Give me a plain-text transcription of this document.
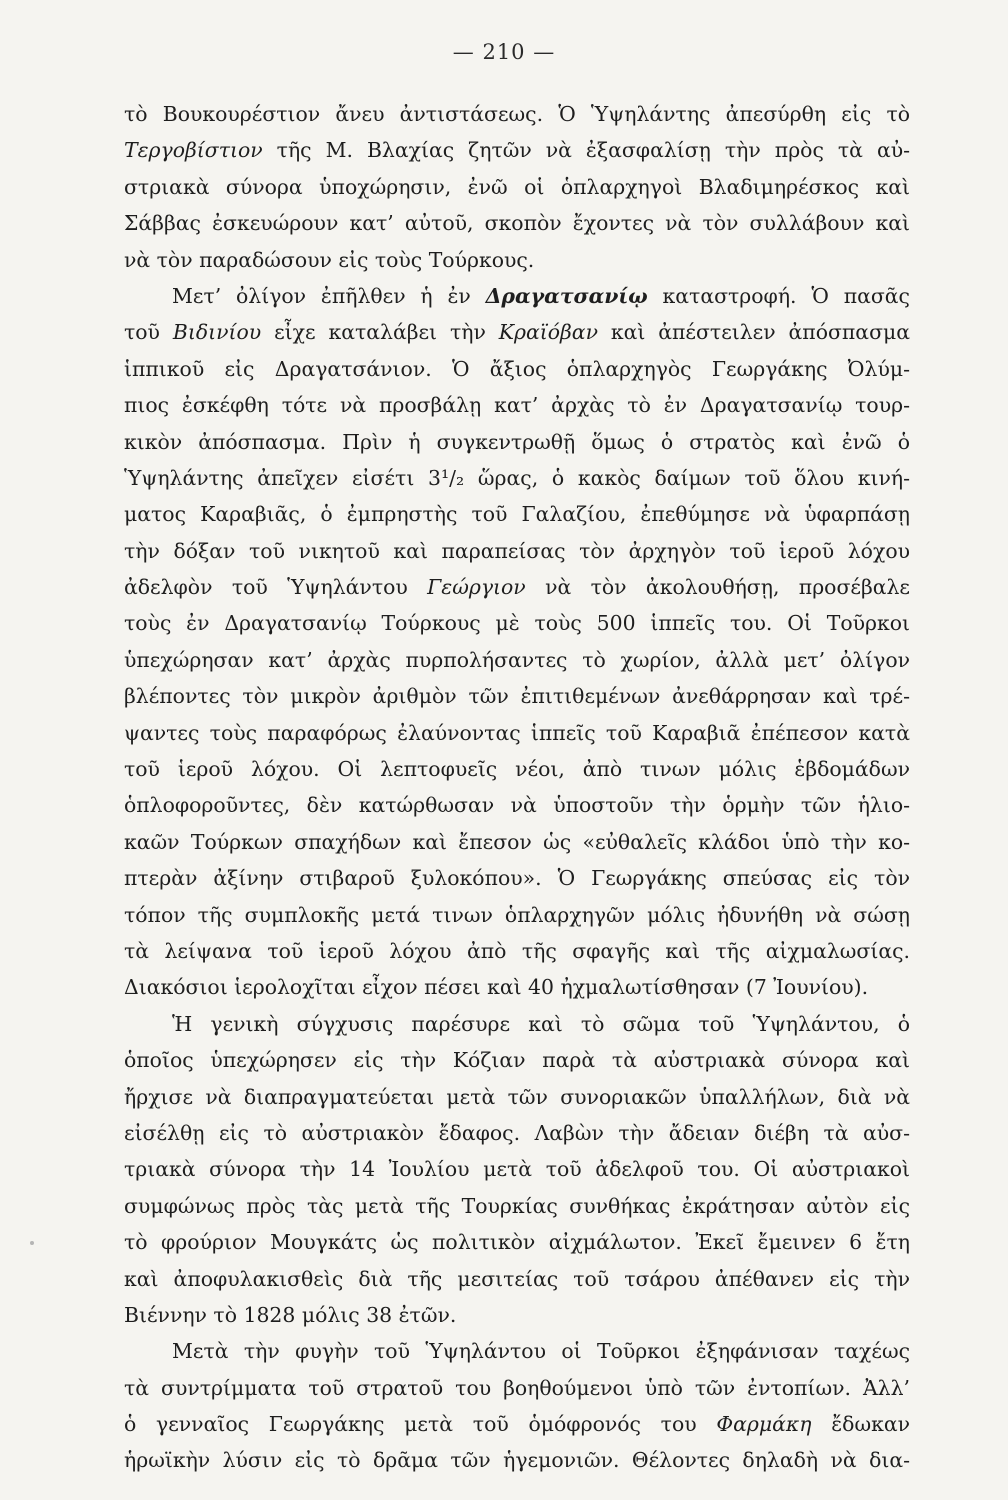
— 210 —
τὸ Βουκουρέστιον ἄνευ ἀντιστάσεως. Ὁ Ὑψηλάντης ἀπεσύρθη εἰς τὸ
Τεργοβίστιον τῆς Μ. Βλαχίας ζητῶν νὰ ἐξασφαλίσῃ τὴν πρὸς τὰ αὐ-
στριακὰ σύνορα ὑποχώρησιν, ἐνῶ οἱ ὁπλαρχηγοὶ Βλαδιμηρέσκος καὶ
Σάββας ἐσκευώρουν κατ’ αὐτοῦ, σκοπὸν ἔχοντες νὰ τὸν συλλάβουν καὶ
νὰ τὸν παραδώσουν εἰς τοὺς Τούρκους.
Μετ’ ὀλίγον ἐπῆλθεν ἡ ἐν Δραγατσανίῳ καταστροφή. Ὁ πασᾶς
τοῦ Βιδινίου εἶχε καταλάβει τὴν Κραϊόβαν καὶ ἀπέστειλεν ἀπόσπασμα
ἱππικοῦ εἰς Δραγατσάνιον. Ὁ ἄξιος ὁπλαρχηγὸς Γεωργάκης Ὀλύμ-
πιος ἐσκέφθη τότε νὰ προσβάλῃ κατ’ ἀρχὰς τὸ ἐν Δραγατσανίῳ τουρ-
κικὸν ἀπόσπασμα. Πρὶν ἡ συγκεντρωθῇ ὅμως ὁ στρατὸς καὶ ἐνῶ ὁ
Ὑψηλάντης ἀπεῖχεν εἰσέτι 3¹/₂ ὥρας, ὁ κακὸς δαίμων τοῦ ὅλου κινή-
ματος Καραβιᾶς, ὁ ἐμπρηστὴς τοῦ Γαλαζίου, ἐπεθύμησε νὰ ὑφαρπάσῃ
τὴν δόξαν τοῦ νικητοῦ καὶ παραπείσας τὸν ἀρχηγὸν τοῦ ἱεροῦ λόχου
ἀδελφὸν τοῦ Ὑψηλάντου Γεώργιον νὰ τὸν ἀκολουθήσῃ, προσέβαλε
τοὺς ἐν Δραγατσανίῳ Τούρκους μὲ τοὺς 500 ἱππεῖς του. Οἱ Τοῦρκοι
ὑπεχώρησαν κατ’ ἀρχὰς πυρπολήσαντες τὸ χωρίον, ἀλλὰ μετ’ ὀλίγον
βλέποντες τὸν μικρὸν ἀριθμὸν τῶν ἐπιτιθεμένων ἀνεθάρρησαν καὶ τρέ-
ψαντες τοὺς παραφόρως ἐλαύνοντας ἱππεῖς τοῦ Καραβιᾶ ἐπέπεσον κατὰ
τοῦ ἱεροῦ λόχου. Οἱ λεπτοφυεῖς νέοι, ἀπὸ τινων μόλις ἑβδομάδων
ὁπλοφοροῦντες, δὲν κατώρθωσαν νὰ ὑποστοῦν τὴν ὁρμὴν τῶν ἡλιο-
καῶν Τούρκων σπαχήδων καὶ ἔπεσον ὡς «εὐθαλεῖς κλάδοι ὑπὸ τὴν κο-
πτερὰν ἀξίνην στιβαροῦ ξυλοκόπου». Ὁ Γεωργάκης σπεύσας εἰς τὸν
τόπον τῆς συμπλοκῆς μετά τινων ὁπλαρχηγῶν μόλις ἠδυνήθη νὰ σώσῃ
τὰ λείψανα τοῦ ἱεροῦ λόχου ἀπὸ τῆς σφαγῆς καὶ τῆς αἰχμαλωσίας.
Διακόσιοι ἱερολοχῖται εἶχον πέσει καὶ 40 ἠχμαλωτίσθησαν (7 Ἰουνίου).
Ἡ γενικὴ σύγχυσις παρέσυρε καὶ τὸ σῶμα τοῦ Ὑψηλάντου, ὁ
ὁποῖος ὑπεχώρησεν εἰς τὴν Κόζιαν παρὰ τὰ αὐστριακὰ σύνορα καὶ
ἤρχισε νὰ διαπραγματεύεται μετὰ τῶν συνοριακῶν ὑπαλλήλων, διὰ νὰ
εἰσέλθῃ εἰς τὸ αὐστριακὸν ἔδαφος. Λαβὼν τὴν ἄδειαν διέβη τὰ αὐσ-
τριακὰ σύνορα τὴν 14 Ἰουλίου μετὰ τοῦ ἀδελφοῦ του. Οἱ αὐστριακοὶ
συμφώνως πρὸς τὰς μετὰ τῆς Τουρκίας συνθήκας ἐκράτησαν αὐτὸν εἰς
τὸ φρούριον Μουγκάτς ὡς πολιτικὸν αἰχμάλωτον. Ἐκεῖ ἔμεινεν 6 ἔτη
καὶ ἀποφυλακισθεὶς διὰ τῆς μεσιτείας τοῦ τσάρου ἀπέθανεν εἰς τὴν
Βιέννην τὸ 1828 μόλις 38 ἐτῶν.
Μετὰ τὴν φυγὴν τοῦ Ὑψηλάντου οἱ Τοῦρκοι ἐξηφάνισαν ταχέως
τὰ συντρίμματα τοῦ στρατοῦ του βοηθούμενοι ὑπὸ τῶν ἐντοπίων. Ἀλλ’
ὁ γενναῖος Γεωργάκης μετὰ τοῦ ὁμόφρονός του Φαρμάκη ἔδωκαν
ἡρωϊκὴν λύσιν εἰς τὸ δρᾶμα τῶν ἡγεμονιῶν. Θέλοντες δηλαδὴ νὰ δια-
